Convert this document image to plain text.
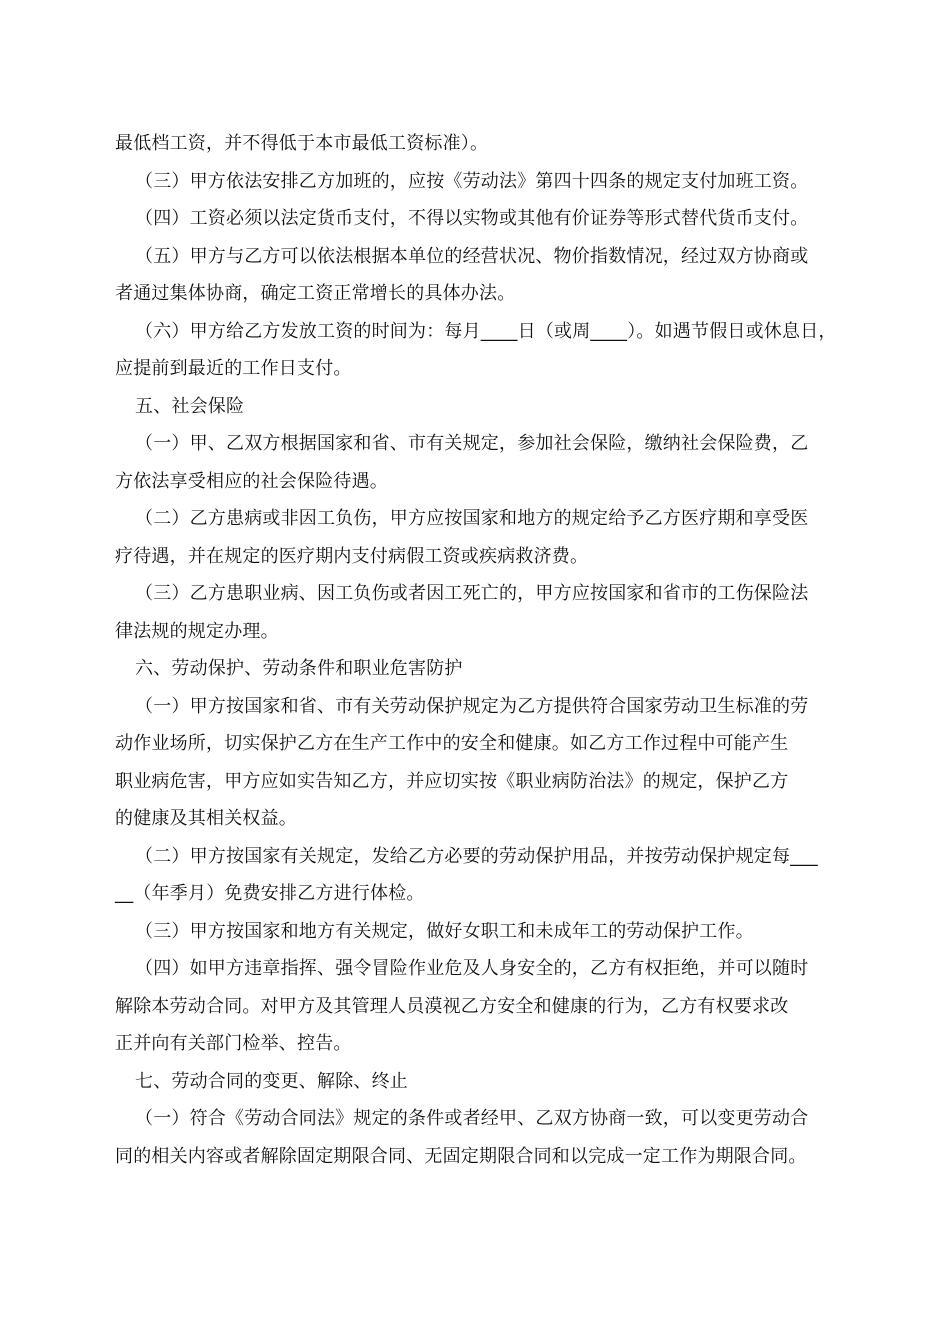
最低档工资，并不得低于本市最低工资标准）。
（三）甲方依法安排乙方加班的，应按《劳动法》第四十四条的规定支付加班工资。
（四）工资必须以法定货币支付，不得以实物或其他有价证券等形式替代货币支付。
（五）甲方与乙方可以依法根据本单位的经营状况、物价指数情况，经过双方协商或
者通过集体协商，确定工资正常增长的具体办法。
（六）甲方给乙方发放工资的时间为：每月____日（或周____）。如遇节假日或休息日，
应提前到最近的工作日支付。
五、社会保险
（一）甲、乙双方根据国家和省、市有关规定，参加社会保险，缴纳社会保险费，乙
方依法享受相应的社会保险待遇。
（二）乙方患病或非因工负伤，甲方应按国家和地方的规定给予乙方医疗期和享受医
疗待遇，并在规定的医疗期内支付病假工资或疾病救济费。
（三）乙方患职业病、因工负伤或者因工死亡的，甲方应按国家和省市的工伤保险法
律法规的规定办理。
六、劳动保护、劳动条件和职业危害防护
（一）甲方按国家和省、市有关劳动保护规定为乙方提供符合国家劳动卫生标准的劳
动作业场所，切实保护乙方在生产工作中的安全和健康。如乙方工作过程中可能产生
职业病危害，甲方应如实告知乙方，并应切实按《职业病防治法》的规定，保护乙方
的健康及其相关权益。
（二）甲方按国家有关规定，发给乙方必要的劳动保护用品，并按劳动保护规定每___
__（年季月）免费安排乙方进行体检。
（三）甲方按国家和地方有关规定，做好女职工和未成年工的劳动保护工作。
（四）如甲方违章指挥、强令冒险作业危及人身安全的，乙方有权拒绝，并可以随时
解除本劳动合同。对甲方及其管理人员漠视乙方安全和健康的行为，乙方有权要求改
正并向有关部门检举、控告。
七、劳动合同的变更、解除、终止
（一）符合《劳动合同法》规定的条件或者经甲、乙双方协商一致，可以变更劳动合
同的相关内容或者解除固定期限合同、无固定期限合同和以完成一定工作为期限合同。
